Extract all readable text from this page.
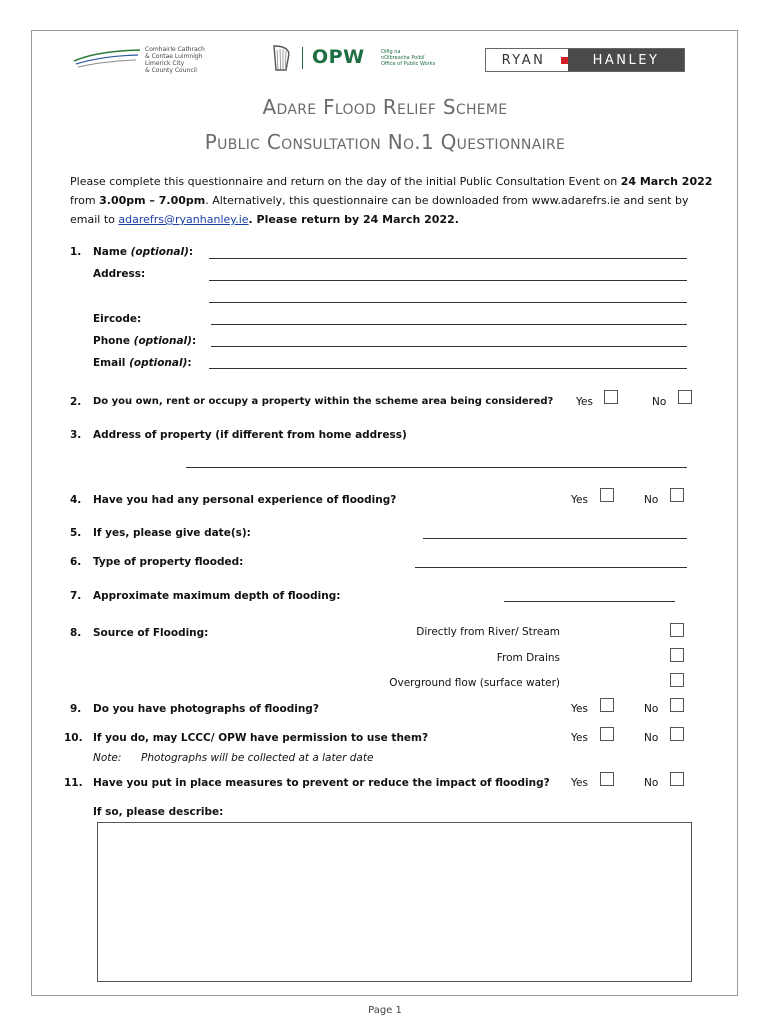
Comhairle Cathrach
& Contae Luimnigh
Limerick City
& County Council
OPW	Oifig na
nOibreacha Poiblí
Office of Public Works	RYAN	HANLEY
Adare Flood Relief Scheme
Public Consultation No.1 Questionnaire
Please complete this questionnaire and return on the day of the initial Public Consultation Event on 24 March 2022 from 3.00pm – 7.00pm. Alternatively, this questionnaire can be downloaded from www.adarefrs.ie and sent by email to adarefrs@ryanhanley.ie. Please return by 24 March 2022.
1. Name (optional):
Address:
Eircode:
Phone (optional):
Email (optional):
2. Do you own, rent or occupy a property within the scheme area being considered? Yes	No
3. Address of property (if different from home address)
4. Have you had any personal experience of flooding?	Yes	No
5. If yes, please give date(s):
6. Type of property flooded:
7. Approximate maximum depth of flooding:
8. Source of Flooding:	Directly from River/ Stream
From Drains
Overground flow (surface water)
9. Do you have photographs of flooding?	Yes	No
10. If you do, may LCCC/ OPW have permission to use them?	Yes	No
Note: Photographs will be collected at a later date
11. Have you put in place measures to prevent or reduce the impact of flooding? Yes	No
If so, please describe:
Page 1
